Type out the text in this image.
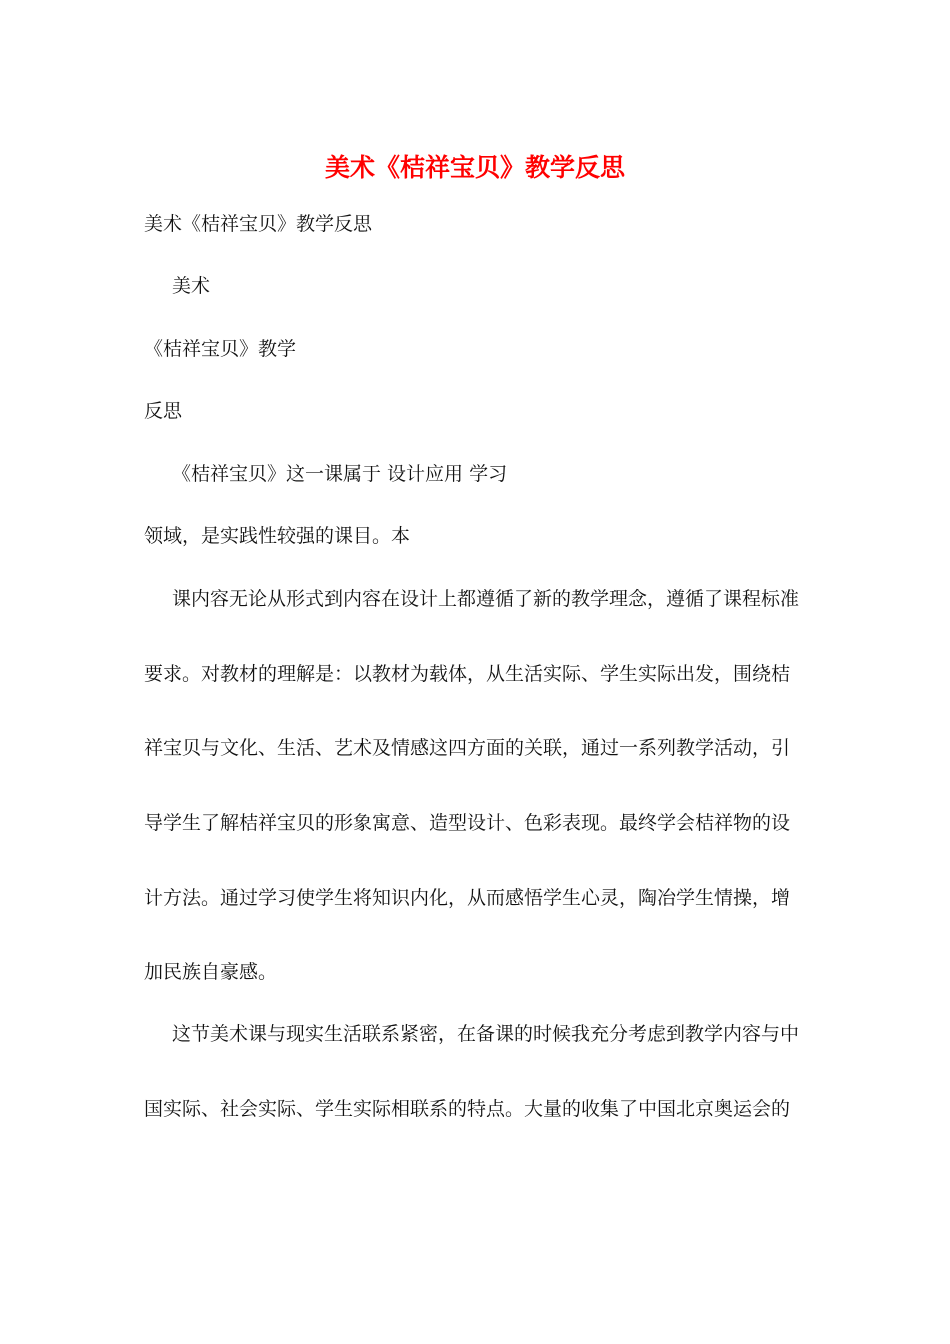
美术《桔祥宝贝》教学反思
美术《桔祥宝贝》教学反思
美术
《桔祥宝贝》教学
反思
《桔祥宝贝》这一课属于 设计应用 学习
领域，是实践性较强的课目。本
课内容无论从形式到内容在设计上都遵循了新的教学理念，遵循了课程标准
要求。对教材的理解是：以教材为载体，从生活实际、学生实际出发，围绕桔
祥宝贝与文化、生活、艺术及情感这四方面的关联，通过一系列教学活动，引
导学生了解桔祥宝贝的形象寓意、造型设计、色彩表现。最终学会桔祥物的设
计方法。通过学习使学生将知识内化，从而感悟学生心灵，陶冶学生情操，增
加民族自豪感。
这节美术课与现实生活联系紧密，在备课的时候我充分考虑到教学内容与中
国实际、社会实际、学生实际相联系的特点。大量的收集了中国北京奥运会的
